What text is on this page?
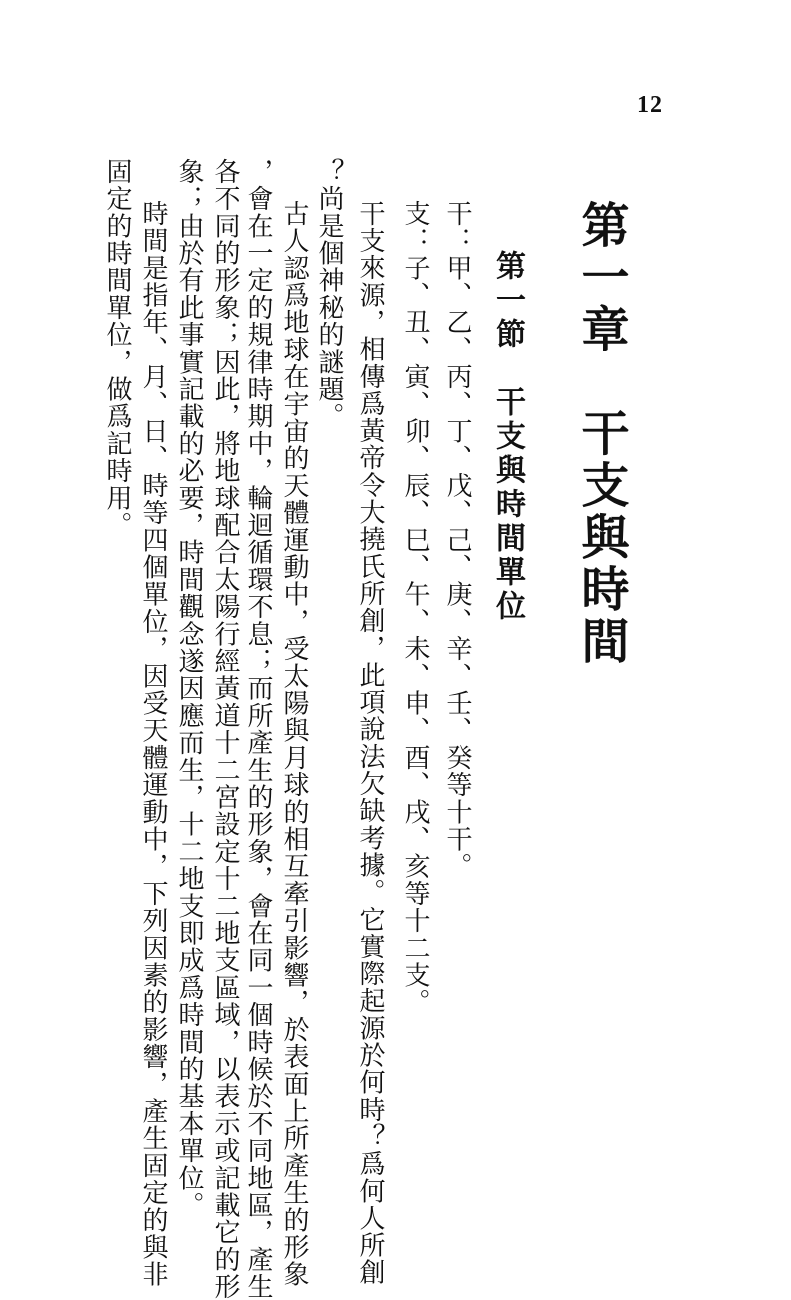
12
第一章　干支與時間
第一節　干支與時間單位
干：甲、乙、丙、丁、戊、己、庚、辛、壬、癸等十干。
支：子、丑、寅、卯、辰、巳、午、未、申、酉、戌、亥等十二支。
干支來源，相傳爲黃帝令大撓氏所創，此項說法欠缺考據。它實際起源於何時？爲何人所創
？尚是個神秘的謎題。
古人認爲地球在宇宙的天體運動中，受太陽與月球的相互牽引影響，於表面上所產生的形象
，會在一定的規律時期中，輪迴循環不息；而所產生的形象，會在同一個時候於不同地區，產生
各不同的形象；因此，將地球配合太陽行經黃道十二宮設定十二地支區域，以表示或記載它的形
象；由於有此事實記載的必要，時間觀念遂因應而生，十二地支即成爲時間的基本單位。
時間是指年、月、日、時等四個單位，因受天體運動中，下列因素的影響，產生固定的與非
固定的時間單位，做爲記時用。
